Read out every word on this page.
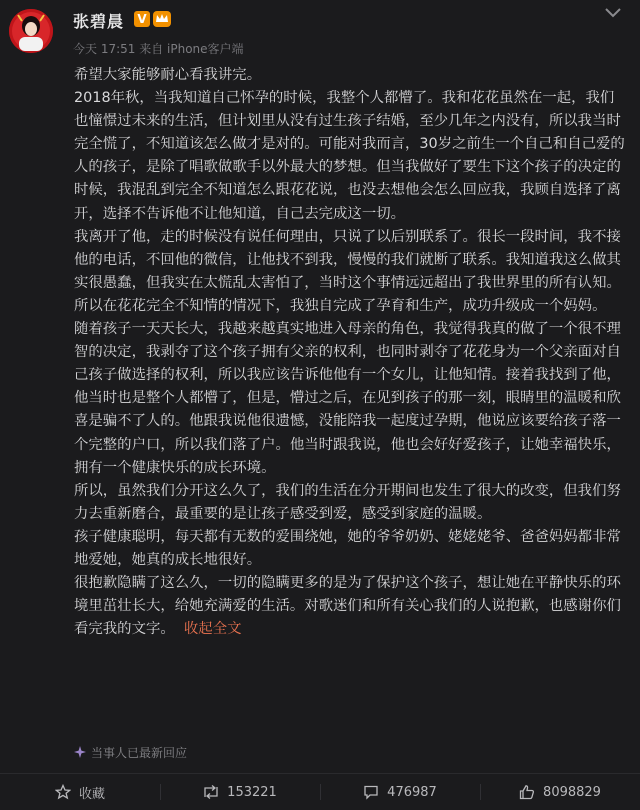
张碧晨 V
今天 17:51 来自 iPhone客户端

希望大家能够耐心看我讲完。

2018年秋，当我知道自己怀孕的时候，我整个人都懵了。我和花花虽然在一起，我们也憧憬过未来的生活，但计划里从没有过生孩子结婚，至少几年之内没有，所以我当时完全慌了，不知道该怎么做才是对的。可能对我而言，30岁之前生一个自己和自己爱的人的孩子，是除了唱歌做歌手以外最大的梦想。但当我做好了要生下这个孩子的决定的时候，我混乱到完全不知道怎么跟花花说，也没去想他会怎么回应我，我顾自选择了离开，选择不告诉他不让他知道，自己去完成这一切。

我离开了他，走的时候没有说任何理由，只说了以后别联系了。很长一段时间，我不接他的电话，不回他的微信，让他找不到我，慢慢的我们就断了联系。我知道我这么做其实很愚蠢，但我实在太慌乱太害怕了，当时这个事情远远超出了我世界里的所有认知。所以在花花完全不知情的情况下，我独自完成了孕育和生产，成功升级成一个妈妈。

随着孩子一天天长大，我越来越真实地进入母亲的角色，我觉得我真的做了一个很不理智的决定，我剥夺了这个孩子拥有父亲的权利，也同时剥夺了花花身为一个父亲面对自己孩子做选择的权利，所以我应该告诉他他有一个女儿，让他知情。接着我找到了他，他当时也是整个人都懵了，但是，懵过之后，在见到孩子的那一刻，眼睛里的温暖和欣喜是骗不了人的。他跟我说他很遗憾，没能陪我一起度过孕期，他说应该要给孩子落一个完整的户口，所以我们落了户。他当时跟我说，他也会好好爱孩子，让她幸福快乐，拥有一个健康快乐的成长环境。

所以，虽然我们分开这么久了，我们的生活在分开期间也发生了很大的改变，但我们努力去重新磨合，最重要的是让孩子感受到爱，感受到家庭的温暖。

孩子健康聪明，每天都有无数的爱围绕她，她的爷爷奶奶、姥姥姥爷、爸爸妈妈都非常地爱她，她真的成长地很好。

很抱歉隐瞒了这么久，一切的隐瞒更多的是为了保护这个孩子，想让她在平静快乐的环境里茁壮长大，给她充满爱的生活。对歌迷们和所有关心我们的人说抱歉，也感谢你们看完我的文字。 收起全文

当事人已最新回应
收藏	153221	476987	8098829
